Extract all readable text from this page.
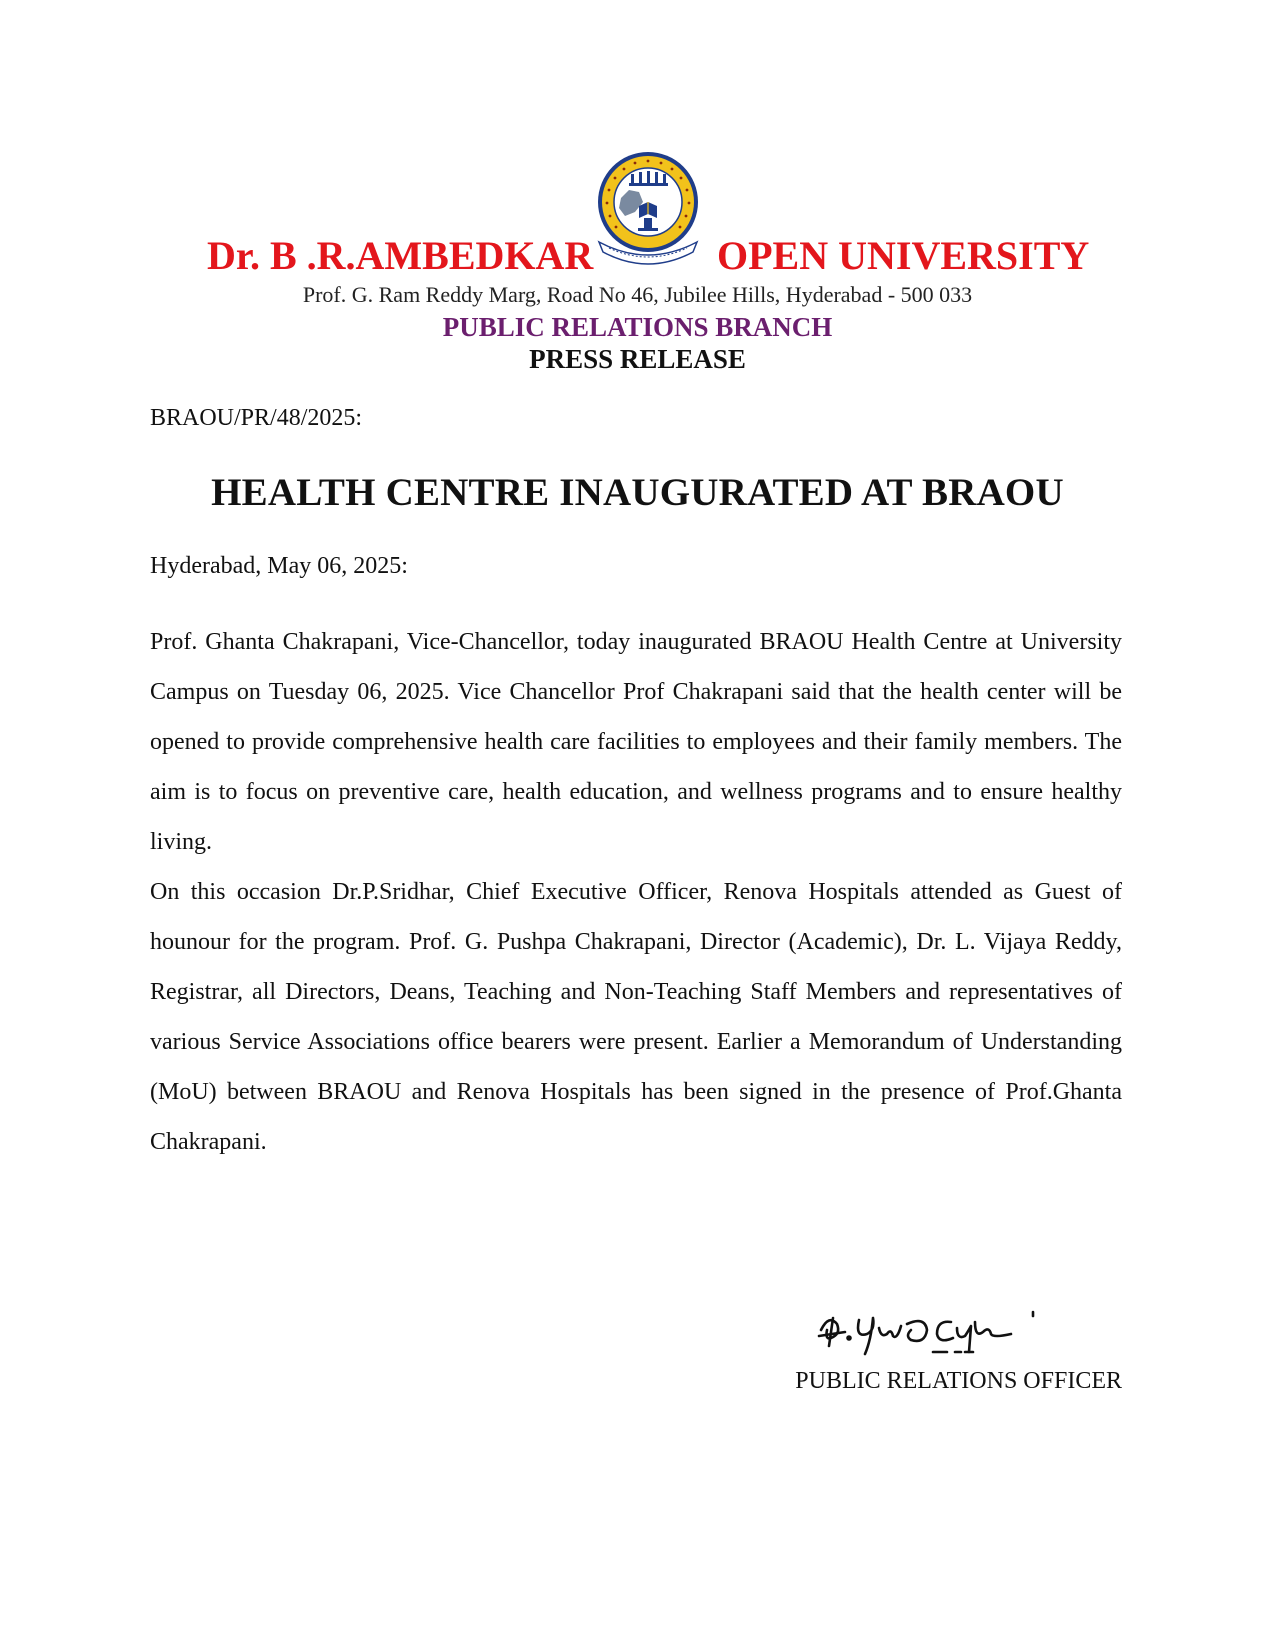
Dr. B .R.AMBEDKAR	OPEN UNIVERSITY
Prof. G. Ram Reddy Marg, Road No 46, Jubilee Hills, Hyderabad - 500 033
PUBLIC RELATIONS BRANCH
PRESS RELEASE
BRAOU/PR/48/2025:
HEALTH CENTRE INAUGURATED AT BRAOU
Hyderabad, May 06, 2025:

Prof. Ghanta Chakrapani, Vice-Chancellor, today inaugurated BRAOU Health Centre at University Campus on Tuesday 06, 2025. Vice Chancellor Prof Chakrapani said that the health center will be opened to provide comprehensive health care facilities to employees and their family members. The aim is to focus on preventive care, health education, and wellness programs and to ensure healthy living.

On this occasion Dr.P.Sridhar, Chief Executive Officer, Renova Hospitals attended as Guest of hounour for the program. Prof. G. Pushpa Chakrapani, Director (Academic), Dr. L. Vijaya Reddy, Registrar, all Directors, Deans, Teaching and Non-Teaching Staff Members and representatives of various Service Associations office bearers were present. Earlier a Memorandum of Understanding (MoU) between BRAOU and Renova Hospitals has been signed in the presence of Prof.Ghanta Chakrapani.

PUBLIC RELATIONS OFFICER
